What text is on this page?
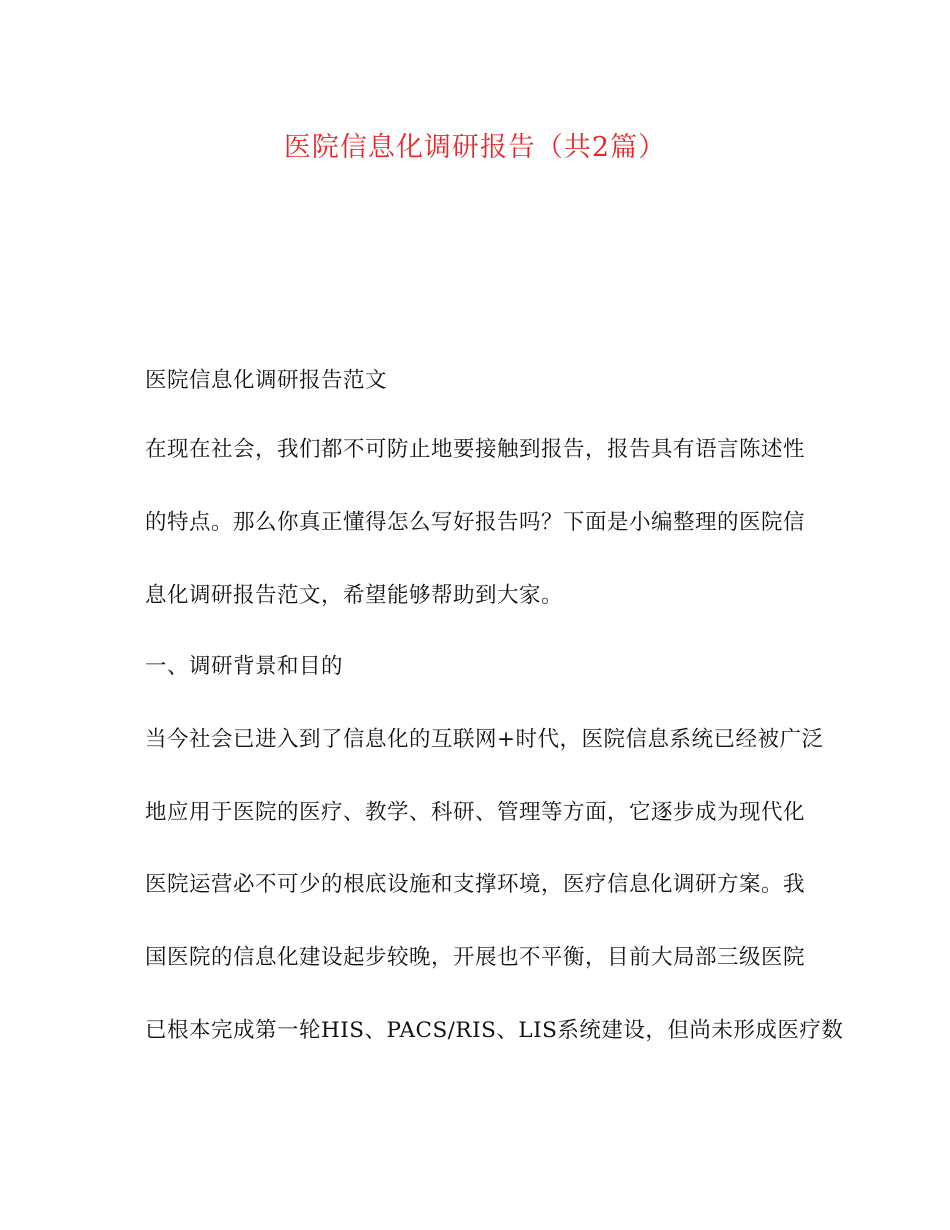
医院信息化调研报告（共2篇）
医院信息化调研报告范文
在现在社会，我们都不可防止地要接触到报告，报告具有语言陈述性
的特点。那么你真正懂得怎么写好报告吗？下面是小编整理的医院信
息化调研报告范文，希望能够帮助到大家。
一、调研背景和目的
当今社会已进入到了信息化的互联网+时代，医院信息系统已经被广泛
地应用于医院的医疗、教学、科研、管理等方面，它逐步成为现代化
医院运营必不可少的根底设施和支撑环境，医疗信息化调研方案。我
国医院的信息化建设起步较晚，开展也不平衡，目前大局部三级医院
已根本完成第一轮HIS、PACS/RIS、LIS系统建设，但尚未形成医疗数
